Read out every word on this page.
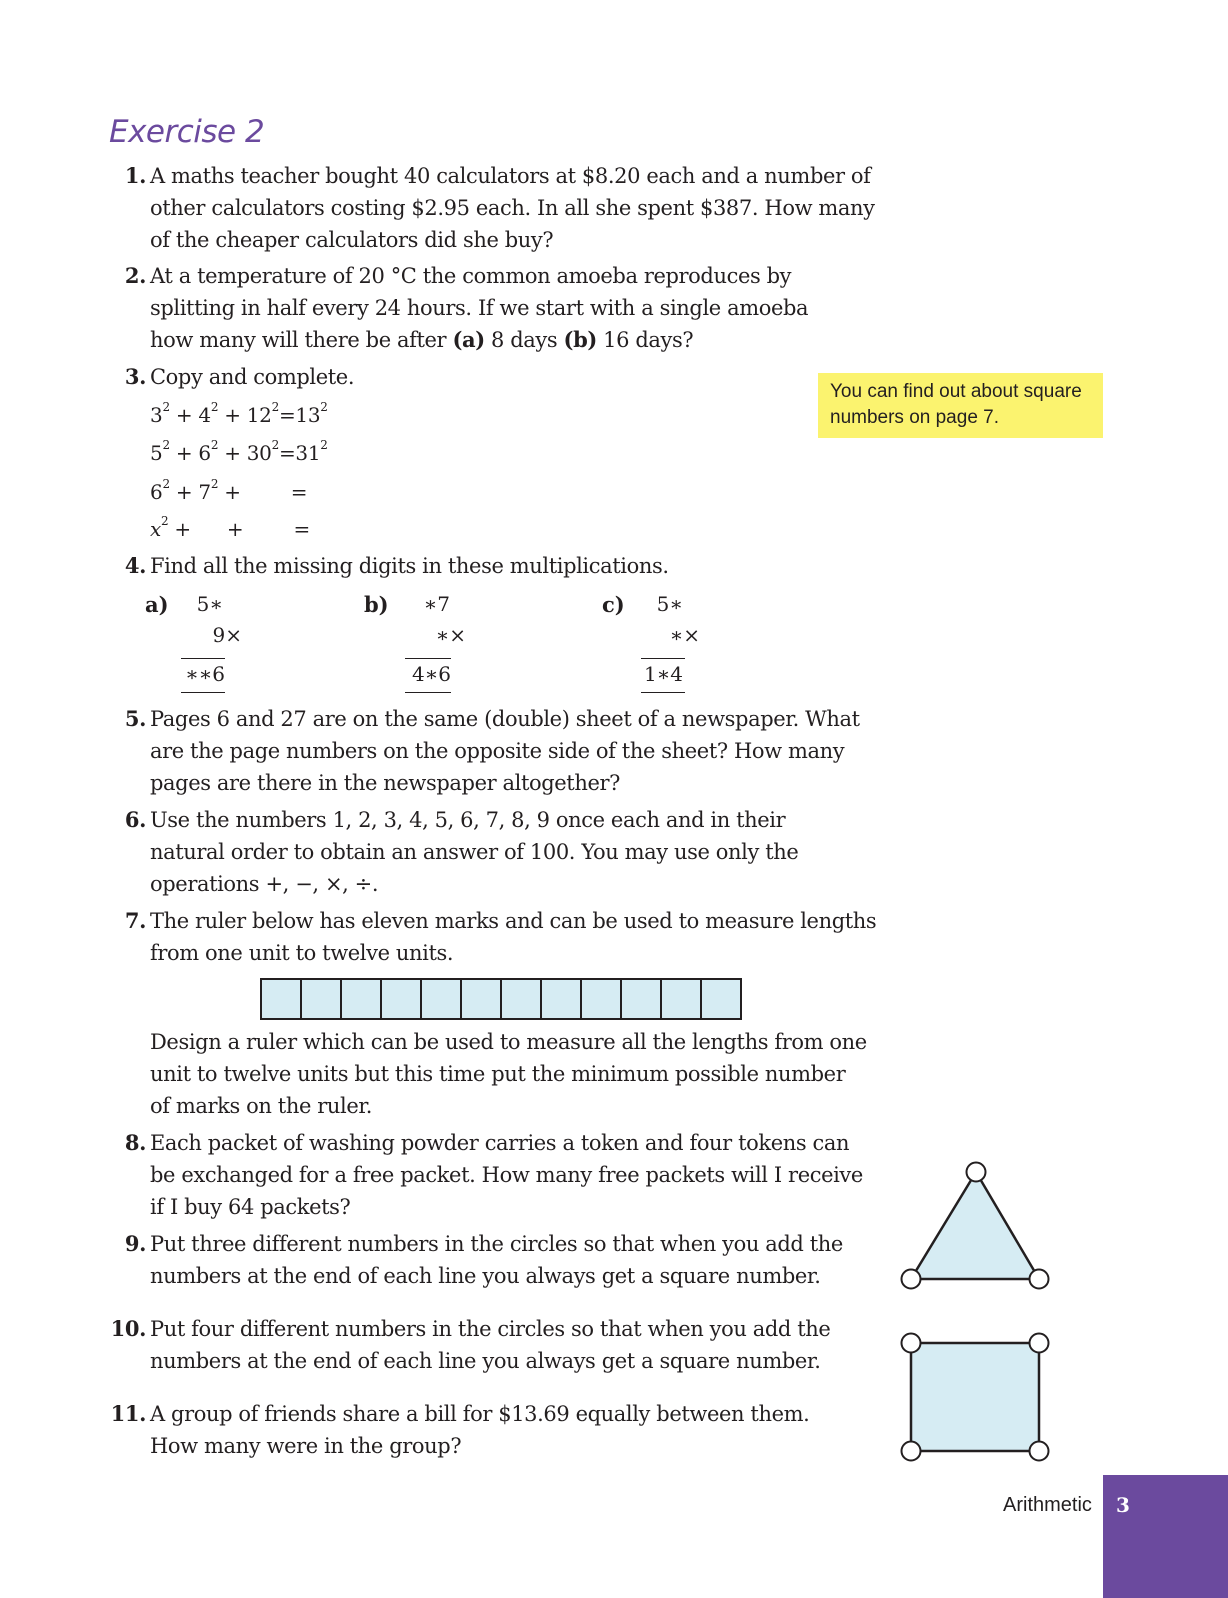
Exercise 2
1. A maths teacher bought 40 calculators at $8.20 each and a number of
other calculators costing $2.95 each. In all she spent $387. How many
of the cheaper calculators did she buy?
2. At a temperature of 20 °C the common amoeba reproduces by
splitting in half every 24 hours. If we start with a single amoeba
how many will there be after (a) 8 days (b) 16 days?
3. Copy and complete.
$3^2 + 4^2 + 12^2=13^2$
$5^2 + 6^2 + 30^2=31^2$
$6^2 + 7^2$ +	=
$x^2$ + +	=
4. Find all the missing digits in these multiplications.
a)	5∗
9×
∗∗6
b)	∗7
∗×
4∗6
c)	5∗
∗×
1∗4
5. Pages 6 and 27 are on the same (double) sheet of a newspaper. What
are the page numbers on the opposite side of the sheet? How many
pages are there in the newspaper altogether?
6. Use the numbers 1, 2, 3, 4, 5, 6, 7, 8, 9 once each and in their
natural order to obtain an answer of 100. You may use only the
operations +, −, ×, ÷.
7. The ruler below has eleven marks and can be used to measure lengths
from one unit to twelve units.
Design a ruler which can be used to measure all the lengths from one
unit to twelve units but this time put the minimum possible number
of marks on the ruler.
8. Each packet of washing powder carries a token and four tokens can
be exchanged for a free packet. How many free packets will I receive
if I buy 64 packets?
9. Put three different numbers in the circles so that when you add the
numbers at the end of each line you always get a square number.
10. Put four different numbers in the circles so that when you add the
numbers at the end of each line you always get a square number.
11. A group of friends share a bill for $13.69 equally between them.
How many were in the group?
You can find out about square numbers on page 7.
Arithmetic 3
